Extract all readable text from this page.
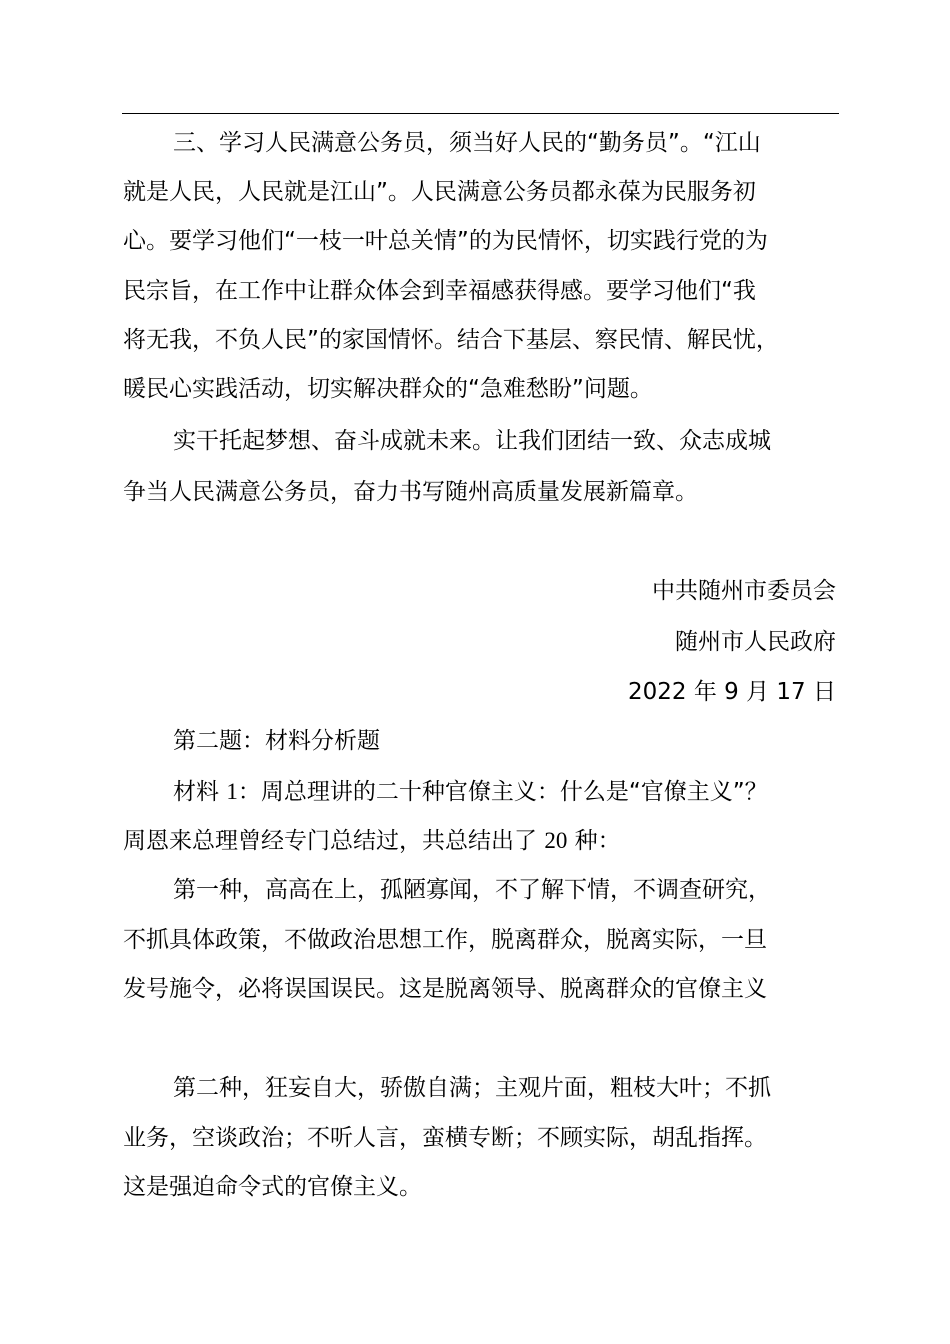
三、学习人民满意公务员，须当好人民的“勤务员”。“江山
就是人民，人民就是江山”。人民满意公务员都永葆为民服务初
心。要学习他们“一枝一叶总关情”的为民情怀，切实践行党的为
民宗旨，在工作中让群众体会到幸福感获得感。要学习他们“我
将无我，不负人民”的家国情怀。结合下基层、察民情、解民忧，
暖民心实践活动，切实解决群众的“急难愁盼”问题。
实干托起梦想、奋斗成就未来。让我们团结一致、众志成城
争当人民满意公务员，奋力书写随州高质量发展新篇章。
中共随州市委员会
随州市人民政府
2022 年 9 月 17 日
第二题：材料分析题
材料 1：周总理讲的二十种官僚主义：什么是“官僚主义”？
周恩来总理曾经专门总结过，共总结出了 20 种：
第一种，高高在上，孤陋寡闻，不了解下情，不调查研究，
不抓具体政策，不做政治思想工作，脱离群众，脱离实际，一旦
发号施令，必将误国误民。这是脱离领导、脱离群众的官僚主义
第二种，狂妄自大，骄傲自满；主观片面，粗枝大叶；不抓
业务，空谈政治；不听人言，蛮横专断；不顾实际，胡乱指挥。
这是强迫命令式的官僚主义。
